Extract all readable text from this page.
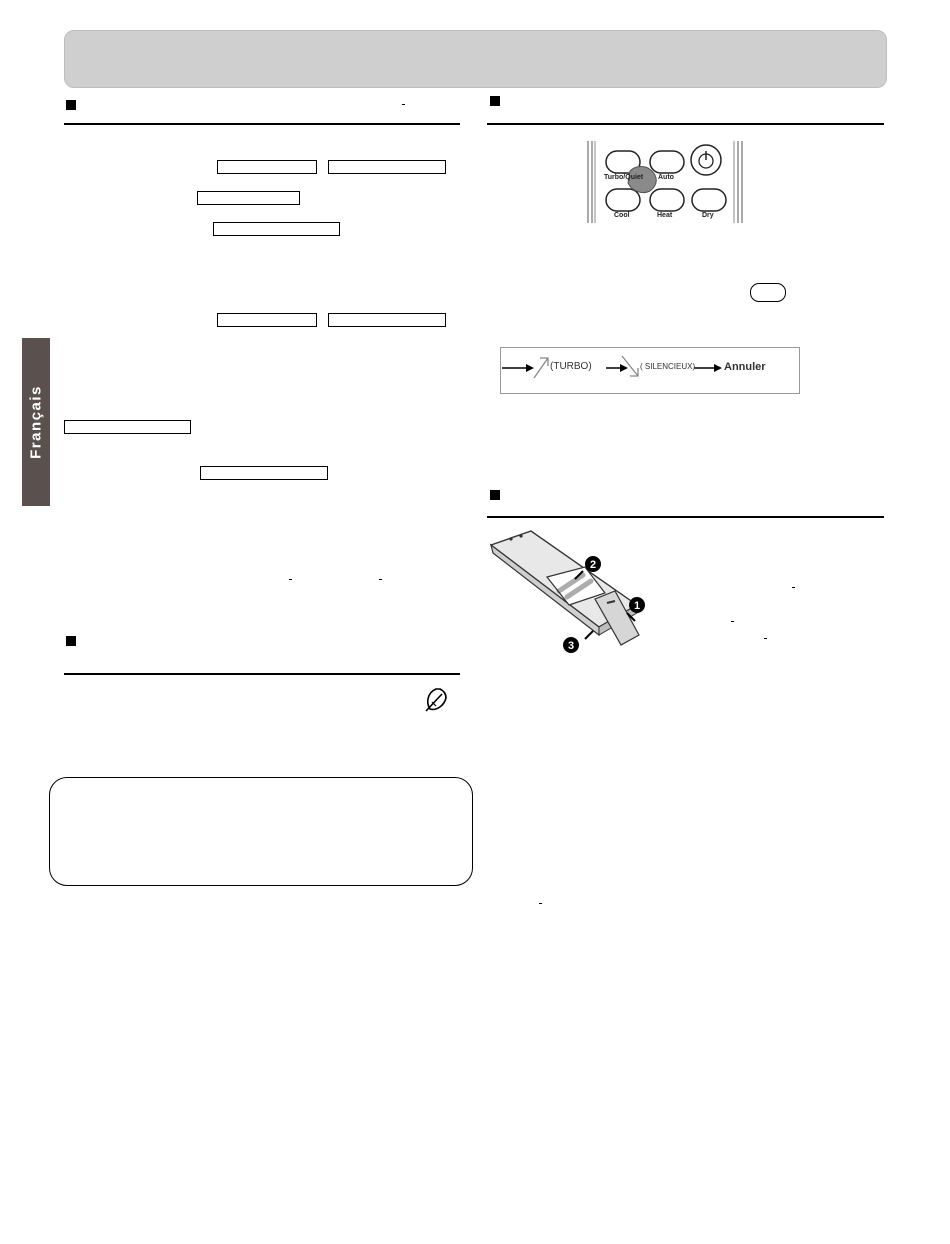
Français
Turbo/Quiet Auto
Cool	Heat	Dry
(TURBO)	( SILENCIEUX)	Annuler
2
1
3
